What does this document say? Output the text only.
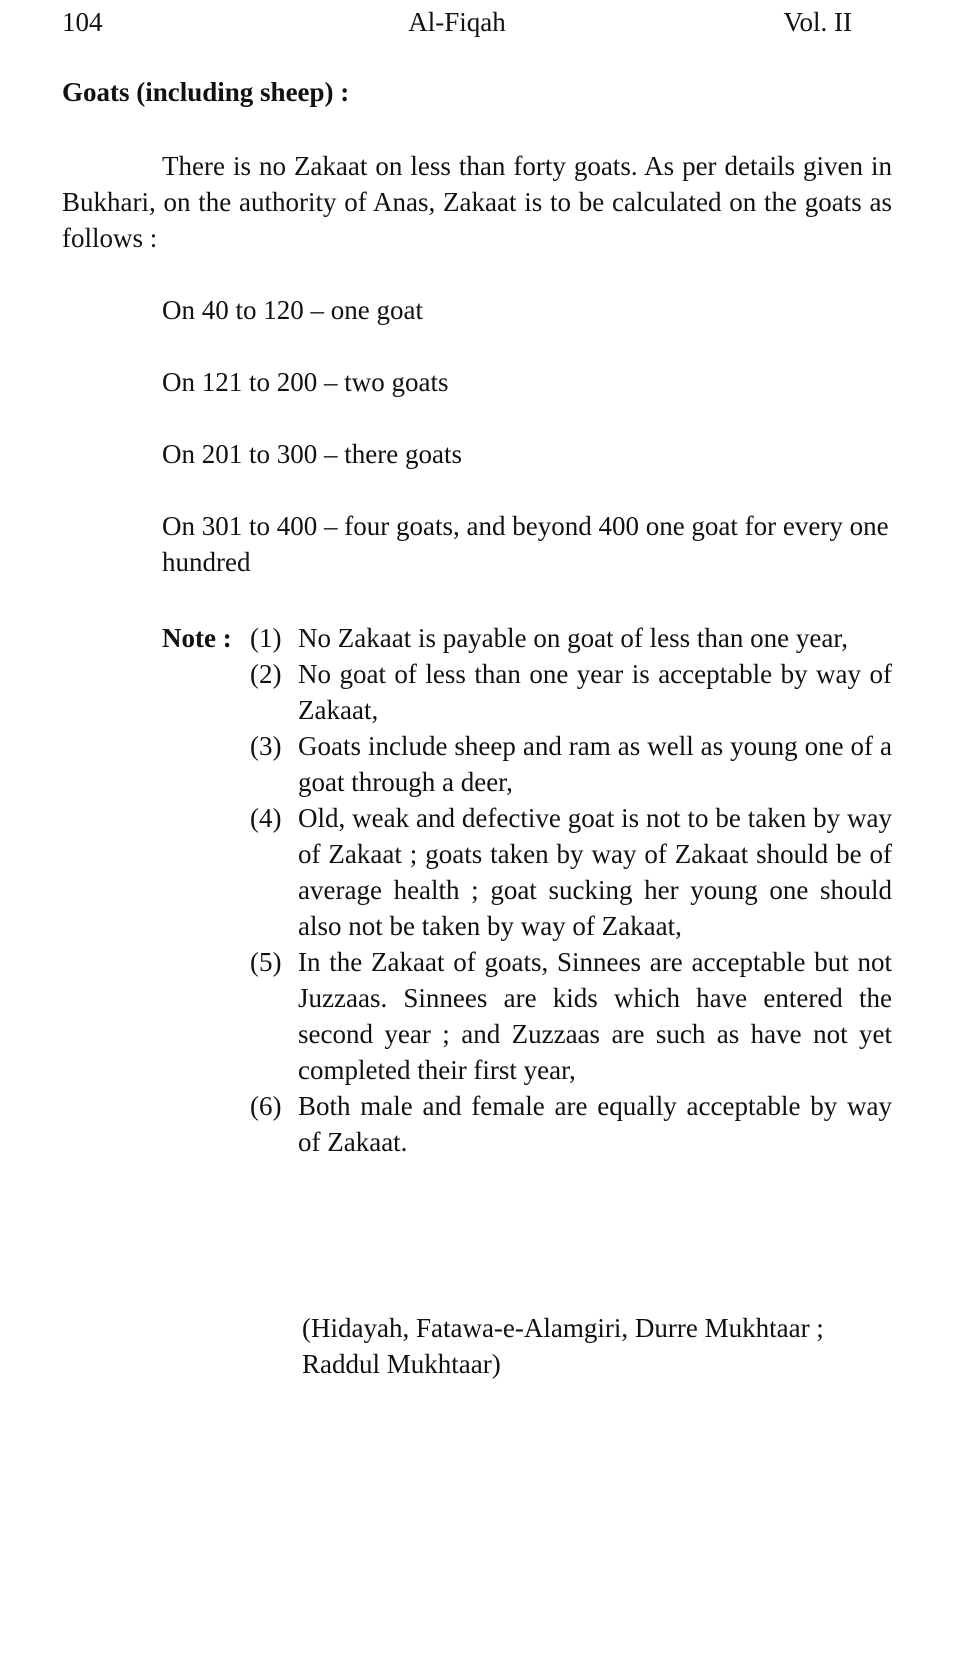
104	Al-Fiqah	Vol. II
Goats (including sheep) :

There is no Zakaat on less than forty goats. As per details given in Bukhari, on the authority of Anas, Zakaat is to be calculated on the goats as follows :

On 40 to 120 – one goat
On 121 to 200 – two goats
On 201 to 300 – there goats
On 301 to 400 – four goats, and beyond 400 one goat for every one hundred
Note : (1) No Zakaat is payable on goat of less than one year,
(2) No goat of less than one year is acceptable by way of Zakaat,
(3) Goats include sheep and ram as well as young one of a goat through a deer,
(4) Old, weak and defective goat is not to be taken by way of Zakaat ; goats taken by way of Zakaat should be of average health ; goat sucking her young one should also not be taken by way of Zakaat,
(5) In the Zakaat of goats, Sinnees are acceptable but not Juzzaas. Sinnees are kids which have entered the second year ; and Zuzzaas are such as have not yet completed their first year,
(6) Both male and female are equally acceptable by way of Zakaat.

(Hidayah, Fatawa-e-Alamgiri, Durre Mukhtaar ; Raddul Mukhtaar)
